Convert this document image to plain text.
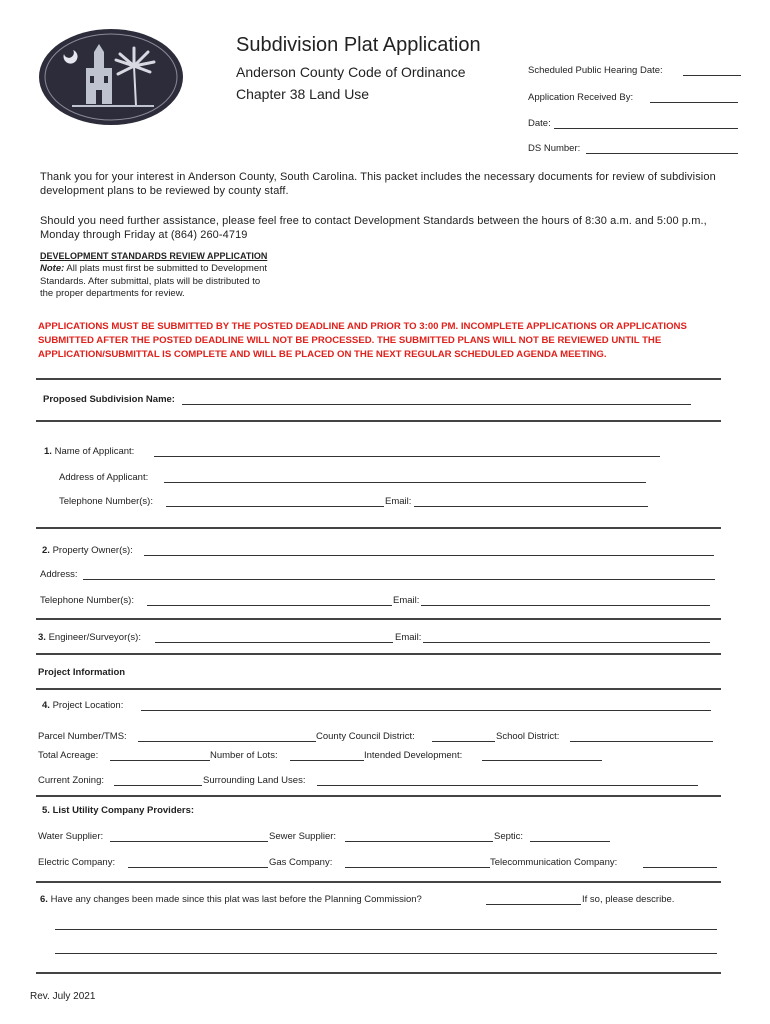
Subdivision Plat Application
Anderson County Code of Ordinance
Chapter 38 Land Use
Scheduled Public Hearing Date:
Application Received By:
Date:
DS Number:
Thank you for your interest in Anderson County, South Carolina. This packet includes the necessary documents for review of subdivision development plans to be reviewed by county staff.
Should you need further assistance, please feel free to contact Development Standards between the hours of 8:30 a.m. and 5:00 p.m., Monday through Friday at (864) 260-4719
DEVELOPMENT STANDARDS REVIEW APPLICATION
Note: All plats must first be submitted to Development Standards. After submittal, plats will be distributed to the proper departments for review.
APPLICATIONS MUST BE SUBMITTED BY THE POSTED DEADLINE AND PRIOR TO 3:00 PM. INCOMPLETE APPLICATIONS OR APPLICATIONS SUBMITTED AFTER THE POSTED DEADLINE WILL NOT BE PROCESSED. THE SUBMITTED PLANS WILL NOT BE REVIEWED UNTIL THE APPLICATION/SUBMITTAL IS COMPLETE AND WILL BE PLACED ON THE NEXT REGULAR SCHEDULED AGENDA MEETING.
Proposed Subdivision Name:
1. Name of Applicant:
Address of Applicant:
Telephone Number(s):	Email:
2. Property Owner(s):
Address:
Telephone Number(s):	Email:
3. Engineer/Surveyor(s):	Email:
Project Information
4. Project Location:
Parcel Number/TMS:	County Council District:	School District:
Total Acreage:	Number of Lots:	Intended Development:
Current Zoning:	Surrounding Land Uses:
5. List Utility Company Providers:
Water Supplier:	Sewer Supplier:	Septic:
Electric Company:	Gas Company:	Telecommunication Company:
6. Have any changes been made since this plat was last before the Planning Commission?	If so, please describe.
Rev. July 2021
